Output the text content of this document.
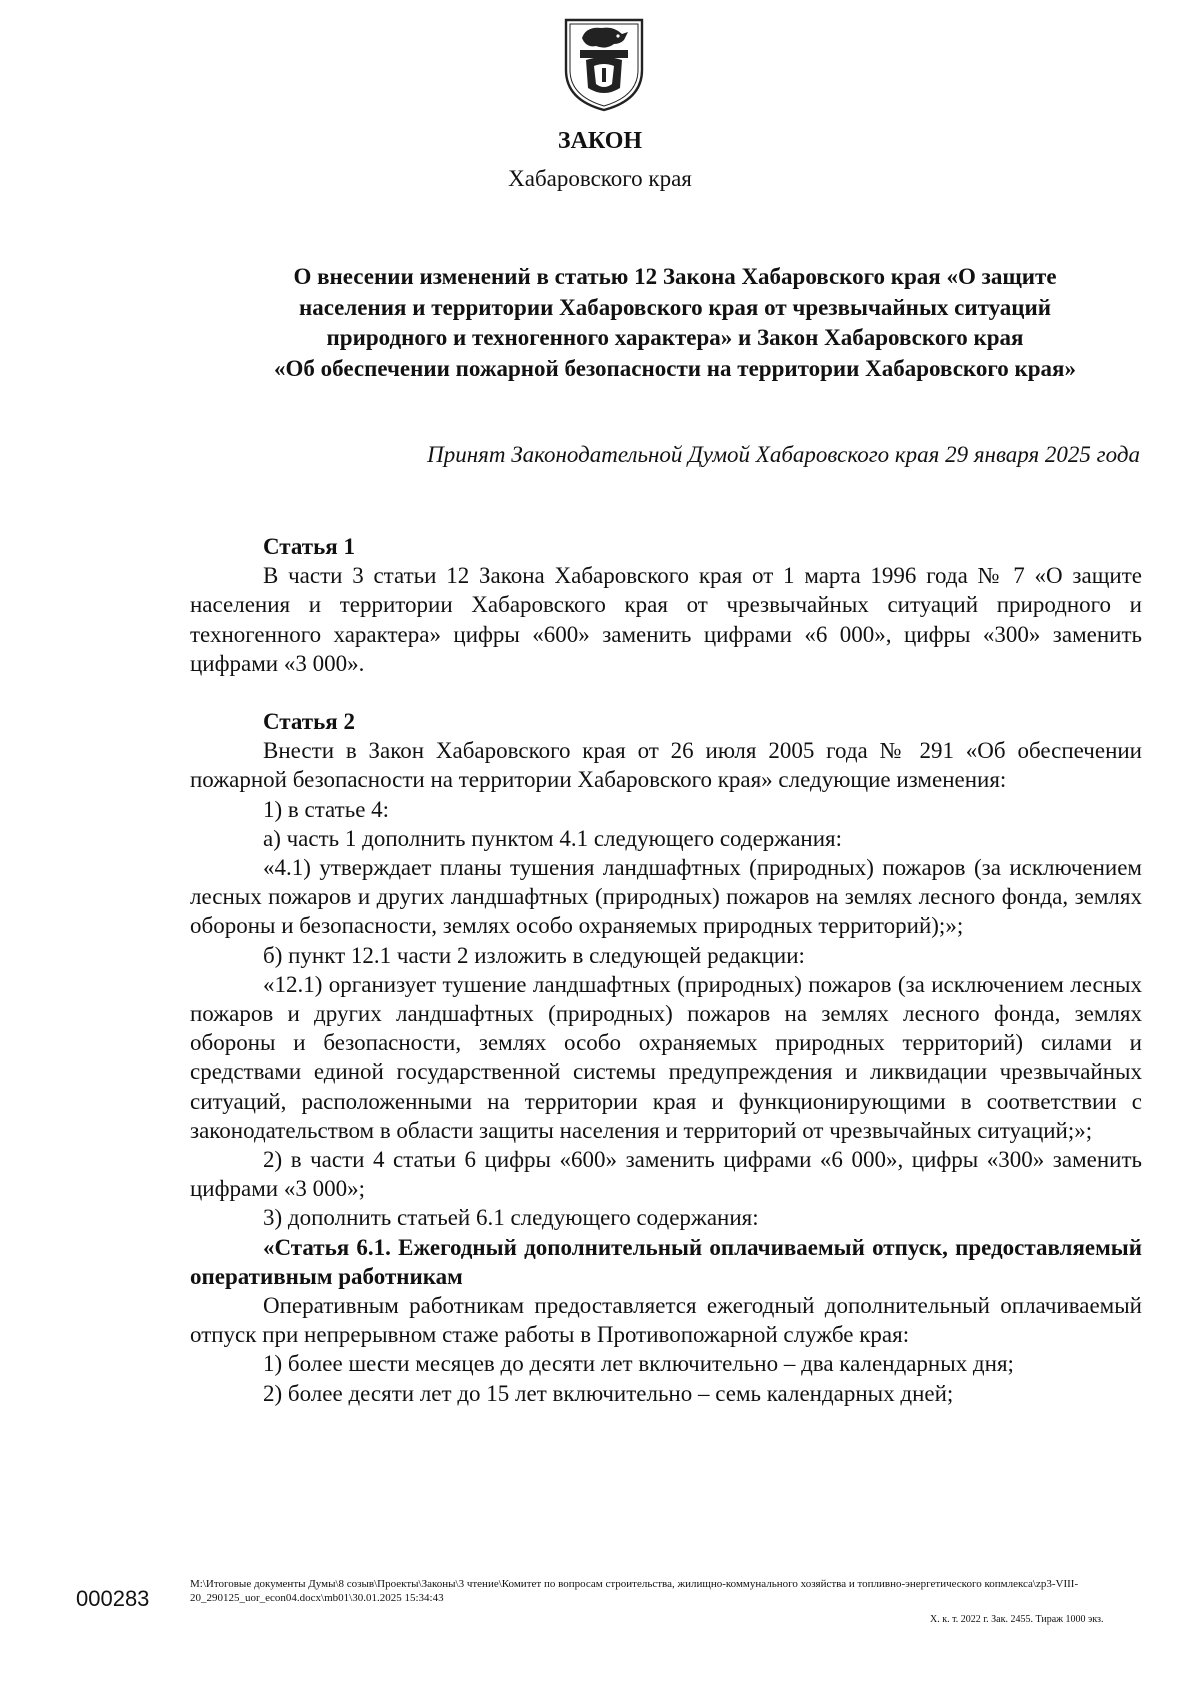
ЗАКОН
Хабаровского края
О внесении изменений в статью 12 Закона Хабаровского края «О защите
населения и территории Хабаровского края от чрезвычайных ситуаций
природного и техногенного характера» и Закон Хабаровского края
«Об обеспечении пожарной безопасности на территории Хабаровского края»
Принят Законодательной Думой Хабаровского края 29 января 2025 года

Статья 1

В части 3 статьи 12 Закона Хабаровского края от 1 марта 1996 года № 7 «О защите населения и территории Хабаровского края от чрезвычайных ситуаций природного и техногенного характера» цифры «600» заменить цифрами «6 000», цифры «300» заменить цифрами «3 000».

Статья 2

Внести в Закон Хабаровского края от 26 июля 2005 года № 291 «Об обеспечении пожарной безопасности на территории Хабаровского края» следующие изменения:

1) в статье 4:

а) часть 1 дополнить пунктом 4.1 следующего содержания:

«4.1) утверждает планы тушения ландшафтных (природных) пожаров (за исключением лесных пожаров и других ландшафтных (природных) пожаров на землях лесного фонда, землях обороны и безопасности, землях особо охраняемых природных территорий);»;

б) пункт 12.1 части 2 изложить в следующей редакции:

«12.1) организует тушение ландшафтных (природных) пожаров (за исключением лесных пожаров и других ландшафтных (природных) пожаров на землях лесного фонда, землях обороны и безопасности, землях особо охраняемых природных территорий) силами и средствами единой государственной системы предупреждения и ликвидации чрезвычайных ситуаций, расположенными на территории края и функционирующими в соответствии с законодательством в области защиты населения и территорий от чрезвычайных ситуаций;»;

2) в части 4 статьи 6 цифры «600» заменить цифрами «6 000», цифры «300» заменить цифрами «3 000»;

3) дополнить статьей 6.1 следующего содержания:

«Статья 6.1. Ежегодный дополнительный оплачиваемый отпуск, предоставляемый оперативным работникам

Оперативным работникам предоставляется ежегодный дополнительный оплачиваемый отпуск при непрерывном стаже работы в Противопожарной службе края:

1) более шести месяцев до десяти лет включительно – два календарных дня;

2) более десяти лет до 15 лет включительно – семь календарных дней;

000283
М:\Итоговые документы Думы\8 созыв\Проекты\Законы\3 чтение\Комитет по вопросам строительства, жилищно-коммунального хозяйства и топливно-энергетического копмлекса\zp3-VIII-20_290125_uor_econ04.docx\mb01\30.01.2025 15:34:43
Х. к. т. 2022 г. Зак. 2455. Тираж 1000 экз.
